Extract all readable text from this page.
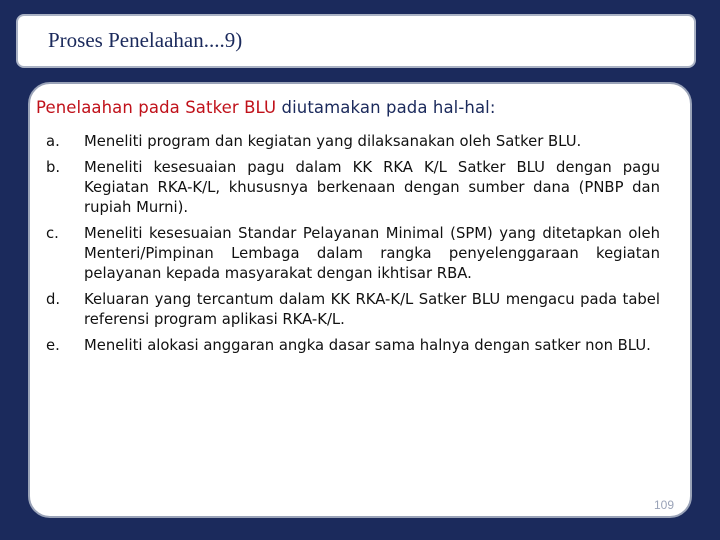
Proses Penelaahan....9)
Penelaahan pada Satker BLU diutamakan pada hal-hal:
a. Meneliti program dan kegiatan yang dilaksanakan oleh Satker BLU.
b. Meneliti kesesuaian pagu dalam KK RKA K/L Satker BLU dengan pagu Kegiatan RKA-K/L, khususnya berkenaan dengan sumber dana (PNBP dan rupiah Murni).
c. Meneliti kesesuaian Standar Pelayanan Minimal (SPM) yang ditetapkan oleh Menteri/Pimpinan Lembaga dalam rangka penyelenggaraan kegiatan pelayanan kepada masyarakat dengan ikhtisar RBA.
d. Keluaran yang tercantum dalam KK RKA-K/L Satker BLU mengacu pada tabel referensi program aplikasi RKA-K/L.
e. Meneliti alokasi anggaran angka dasar sama halnya dengan satker non BLU.
109
